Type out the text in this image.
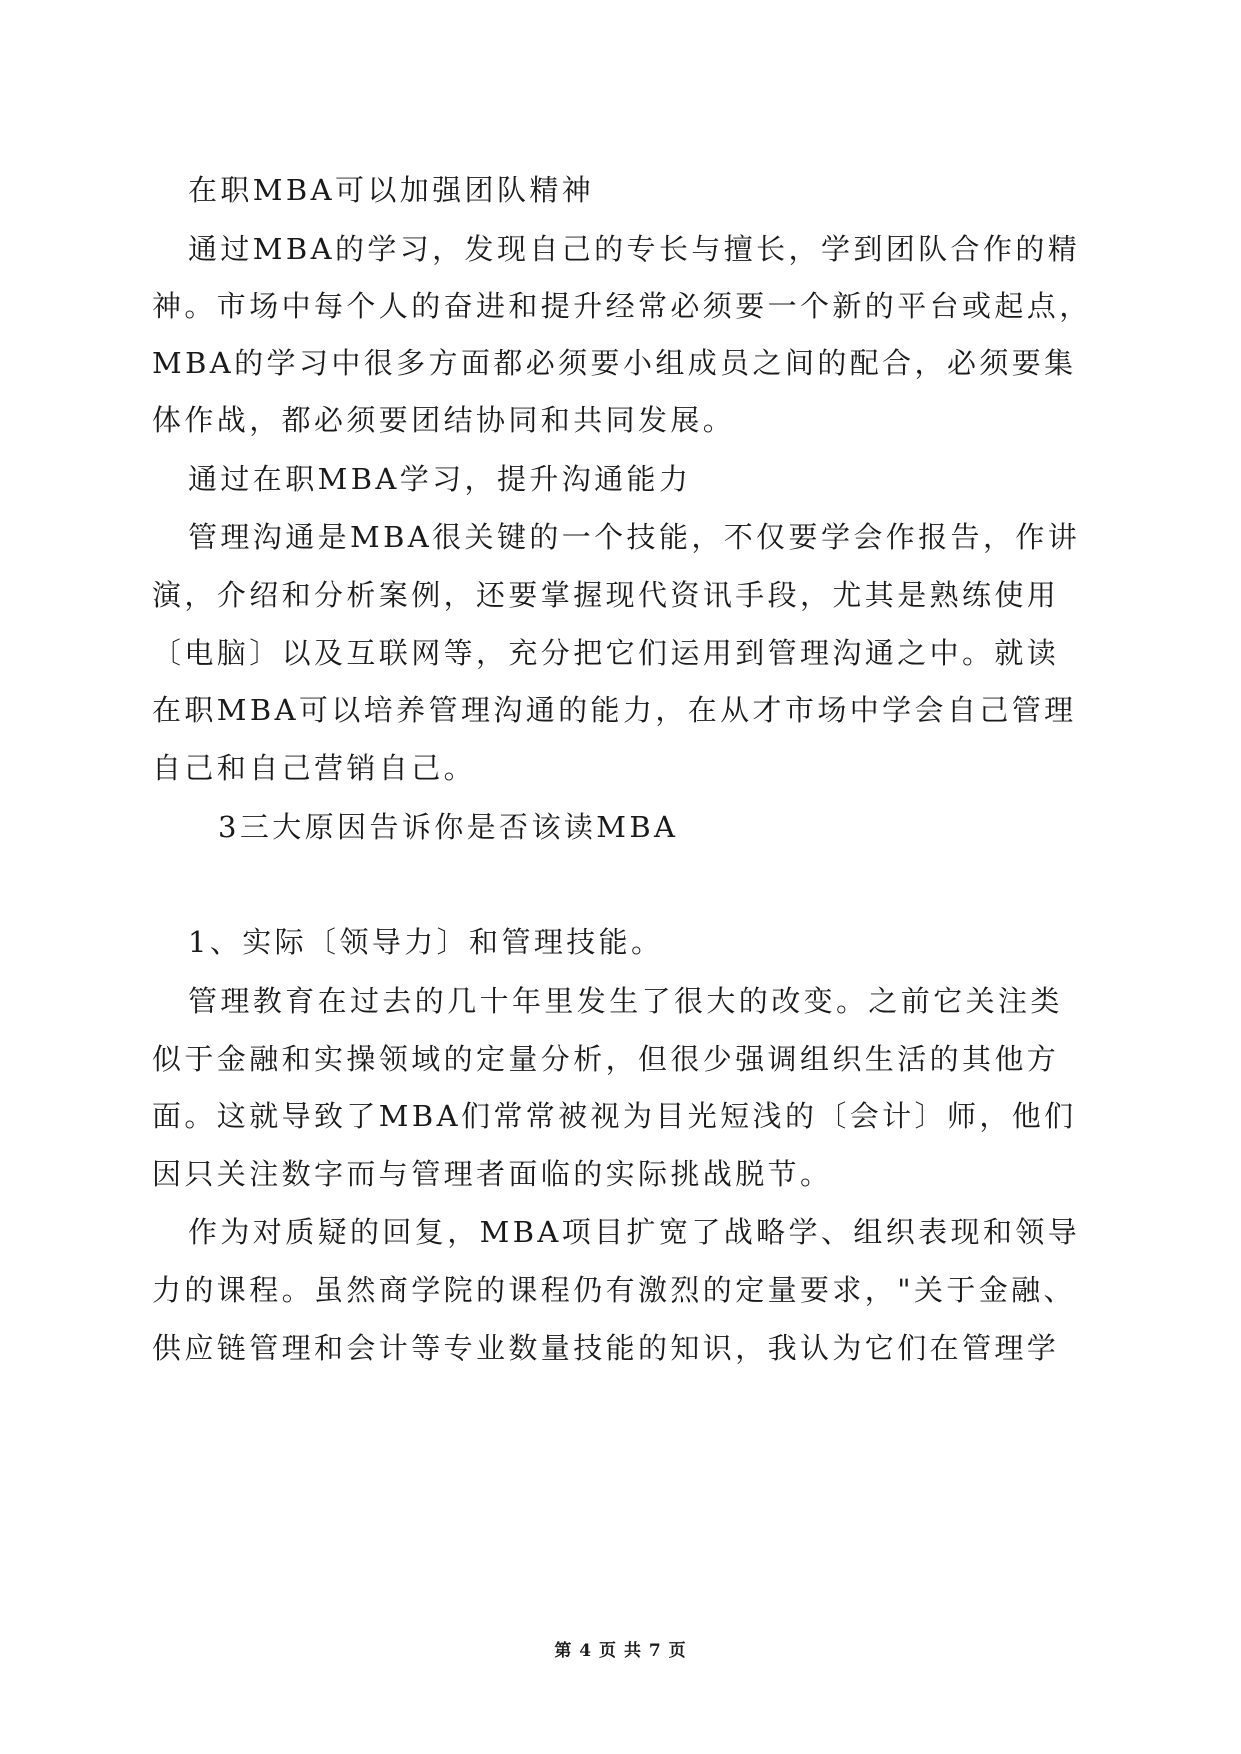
在职MBA可以加强团队精神

通过MBA的学习，发现自己的专长与擅长，学到团队合作的精

神。市场中每个人的奋进和提升经常必须要一个新的平台或起点，

MBA的学习中很多方面都必须要小组成员之间的配合，必须要集

体作战，都必须要团结协同和共同发展。

通过在职MBA学习，提升沟通能力

管理沟通是MBA很关键的一个技能，不仅要学会作报告，作讲

演，介绍和分析案例，还要掌握现代资讯手段，尤其是熟练使用

〔电脑〕以及互联网等，充分把它们运用到管理沟通之中。就读

在职MBA可以培养管理沟通的能力，在从才市场中学会自己管理

自己和自己营销自己。

3三大原因告诉你是否该读MBA

1、实际〔领导力〕和管理技能。

管理教育在过去的几十年里发生了很大的改变。之前它关注类

似于金融和实操领域的定量分析，但很少强调组织生活的其他方

面。这就导致了MBA们常常被视为目光短浅的〔会计〕师，他们

因只关注数字而与管理者面临的实际挑战脱节。

作为对质疑的回复，MBA项目扩宽了战略学、组织表现和领导

力的课程。虽然商学院的课程仍有激烈的定量要求，"关于金融、

供应链管理和会计等专业数量技能的知识，我认为它们在管理学

第 4 页 共 7 页
